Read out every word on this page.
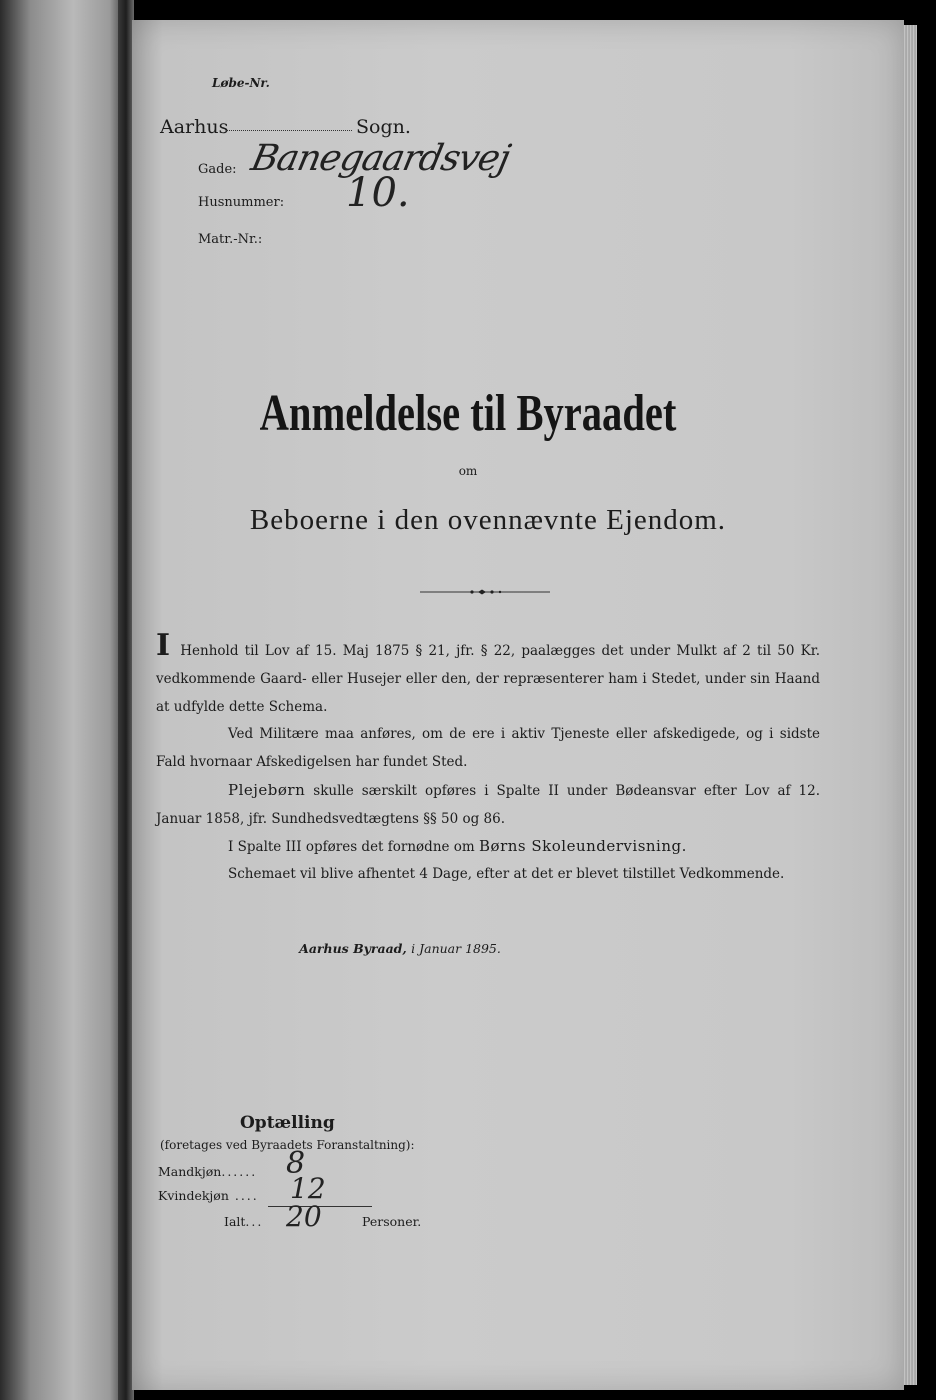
Løbe-Nr.
Aarhus	Sogn.
Gade: Banegaardsvej
Husnummer: 10.
Matr.-Nr.:
Anmeldelse til Byraadet
om
Beboerne i den ovennævnte Ejendom.
I Henhold til Lov af 15. Maj 1875 § 21, jfr. § 22, paalægges det under Mulkt af 2 til 50 Kr. vedkommende Gaard- eller Husejer eller den, der repræsenterer ham i Stedet, under sin Haand at udfylde dette Schema.
Ved Militære maa anføres, om de ere i aktiv Tjeneste eller afskedigede, og i sidste Fald hvornaar Afskedigelsen har fundet Sted.
Plejebørn skulle særskilt opføres i Spalte II under Bødeansvar efter Lov af 12. Januar 1858, jfr. Sundhedsvedtægtens §§ 50 og 86.
I Spalte III opføres det fornødne om Børns Skoleundervisning.
Schemaet vil blive afhentet 4 Dage, efter at det er blevet tilstillet Vedkommende.
Aarhus Byraad, i Januar 1895.
Optælling
(foretages ved Byraadets Foranstaltning):
Mandkjøn...... 8
Kvindekjøn .... 12
Ialt... 20	Personer.
